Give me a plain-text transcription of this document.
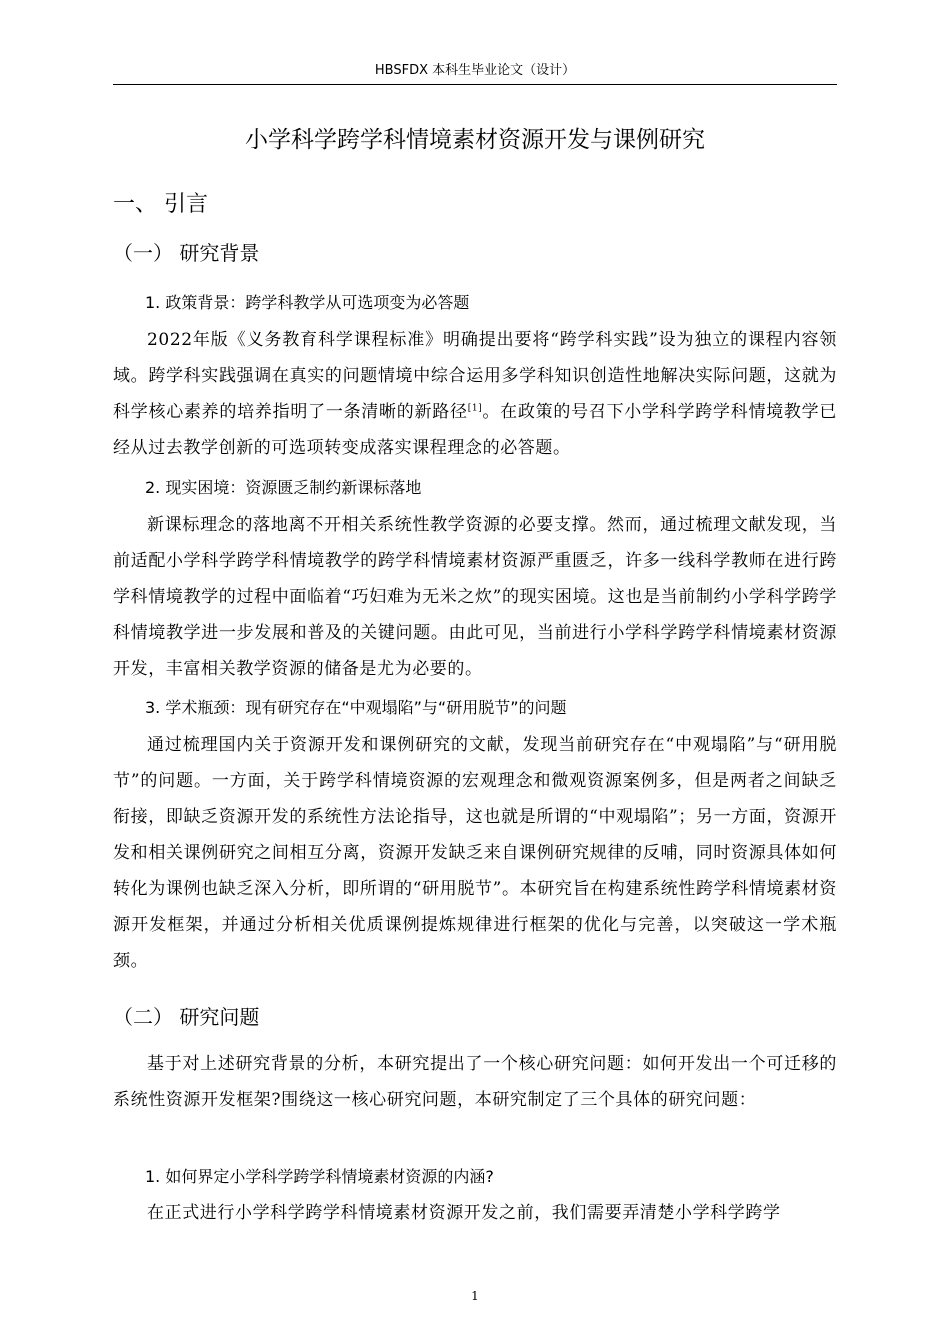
HBSFDX 本科生毕业论文（设计）
小学科学跨学科情境素材资源开发与课例研究
一、 引言
（一） 研究背景
1. 政策背景：跨学科教学从可选项变为必答题
2022年版《义务教育科学课程标准》明确提出要将“跨学科实践”设为独立的课程内容领域。跨学科实践强调在真实的问题情境中综合运用多学科知识创造性地解决实际问题，这就为科学核心素养的培养指明了一条清晰的新路径[1]。在政策的号召下小学科学跨学科情境教学已经从过去教学创新的可选项转变成落实课程理念的必答题。
2. 现实困境：资源匮乏制约新课标落地
新课标理念的落地离不开相关系统性教学资源的必要支撑。然而，通过梳理文献发现，当前适配小学科学跨学科情境教学的跨学科情境素材资源严重匮乏，许多一线科学教师在进行跨学科情境教学的过程中面临着“巧妇难为无米之炊”的现实困境。这也是当前制约小学科学跨学科情境教学进一步发展和普及的关键问题。由此可见，当前进行小学科学跨学科情境素材资源开发，丰富相关教学资源的储备是尤为必要的。
3. 学术瓶颈：现有研究存在“中观塌陷”与“研用脱节”的问题
通过梳理国内关于资源开发和课例研究的文献，发现当前研究存在“中观塌陷”与“研用脱节”的问题。一方面，关于跨学科情境资源的宏观理念和微观资源案例多，但是两者之间缺乏衔接，即缺乏资源开发的系统性方法论指导，这也就是所谓的“中观塌陷”；另一方面，资源开发和相关课例研究之间相互分离，资源开发缺乏来自课例研究规律的反哺，同时资源具体如何转化为课例也缺乏深入分析，即所谓的“研用脱节”。本研究旨在构建系统性跨学科情境素材资源开发框架，并通过分析相关优质课例提炼规律进行框架的优化与完善，以突破这一学术瓶颈。
（二） 研究问题
基于对上述研究背景的分析，本研究提出了一个核心研究问题：如何开发出一个可迁移的系统性资源开发框架?围绕这一核心研究问题，本研究制定了三个具体的研究问题：
1. 如何界定小学科学跨学科情境素材资源的内涵?
在正式进行小学科学跨学科情境素材资源开发之前，我们需要弄清楚小学科学跨学
1
